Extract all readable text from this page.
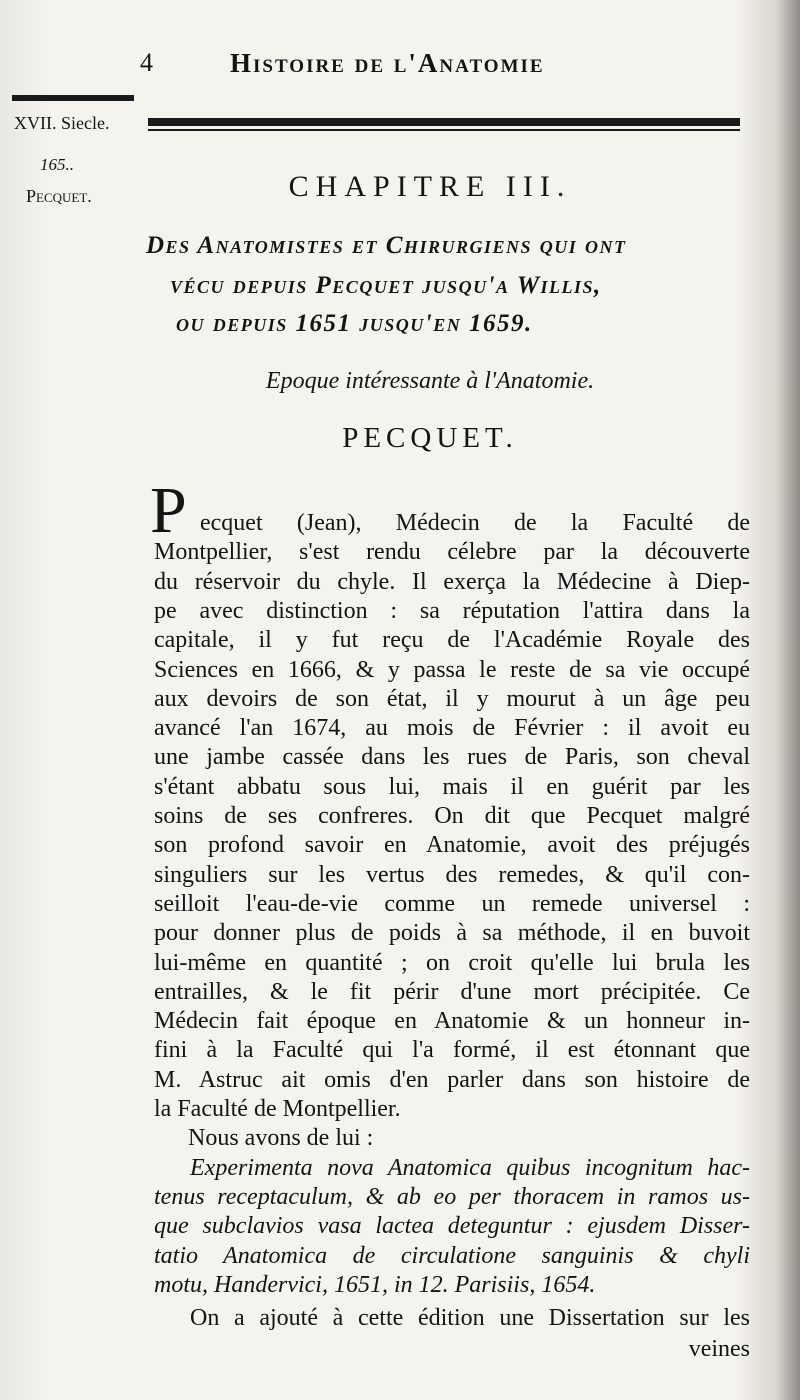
4	Histoire de l'Anatomie
XVII. Siecle.
165..
Pecquet.	CHAPITRE III.
Des Anatomistes et Chirurgiens qui ont
vécu depuis Pecquet jusqu'a Willis,
ou depuis 1651 jusqu'en 1659.
Epoque intéressante à l'Anatomie.
PECQUET.
P ecquet (Jean), Médecin de la Faculté de
Montpellier, s'est rendu célebre par la découverte
du réservoir du chyle. Il exerça la Médecine à Diep-
pe avec distinction : sa réputation l'attira dans la
capitale, il y fut reçu de l'Académie Royale des
Sciences en 1666, & y passa le reste de sa vie occupé
aux devoirs de son état, il y mourut à un âge peu
avancé l'an 1674, au mois de Février : il avoit eu
une jambe cassée dans les rues de Paris, son cheval
s'étant abbatu sous lui, mais il en guérit par les
soins de ses confreres. On dit que Pecquet malgré
son profond savoir en Anatomie, avoit des préjugés
singuliers sur les vertus des remedes, & qu'il con-
seilloit l'eau-de-vie comme un remede universel :
pour donner plus de poids à sa méthode, il en buvoit
lui-même en quantité ; on croit qu'elle lui brula les
entrailles, & le fit périr d'une mort précipitée. Ce
Médecin fait époque en Anatomie & un honneur in-
fini à la Faculté qui l'a formé, il est étonnant que
M. Astruc ait omis d'en parler dans son histoire de
la Faculté de Montpellier.
Nous avons de lui :
Experimenta nova Anatomica quibus incognitum hac-
tenus receptaculum, & ab eo per thoracem in ramos us-
que subclavios vasa lactea deteguntur : ejusdem Disser-
tatio Anatomica de circulatione sanguinis & chyli
motu, Handervici, 1651, in 12. Parisiis, 1654.
On a ajouté à cette édition une Dissertation sur les
veines
